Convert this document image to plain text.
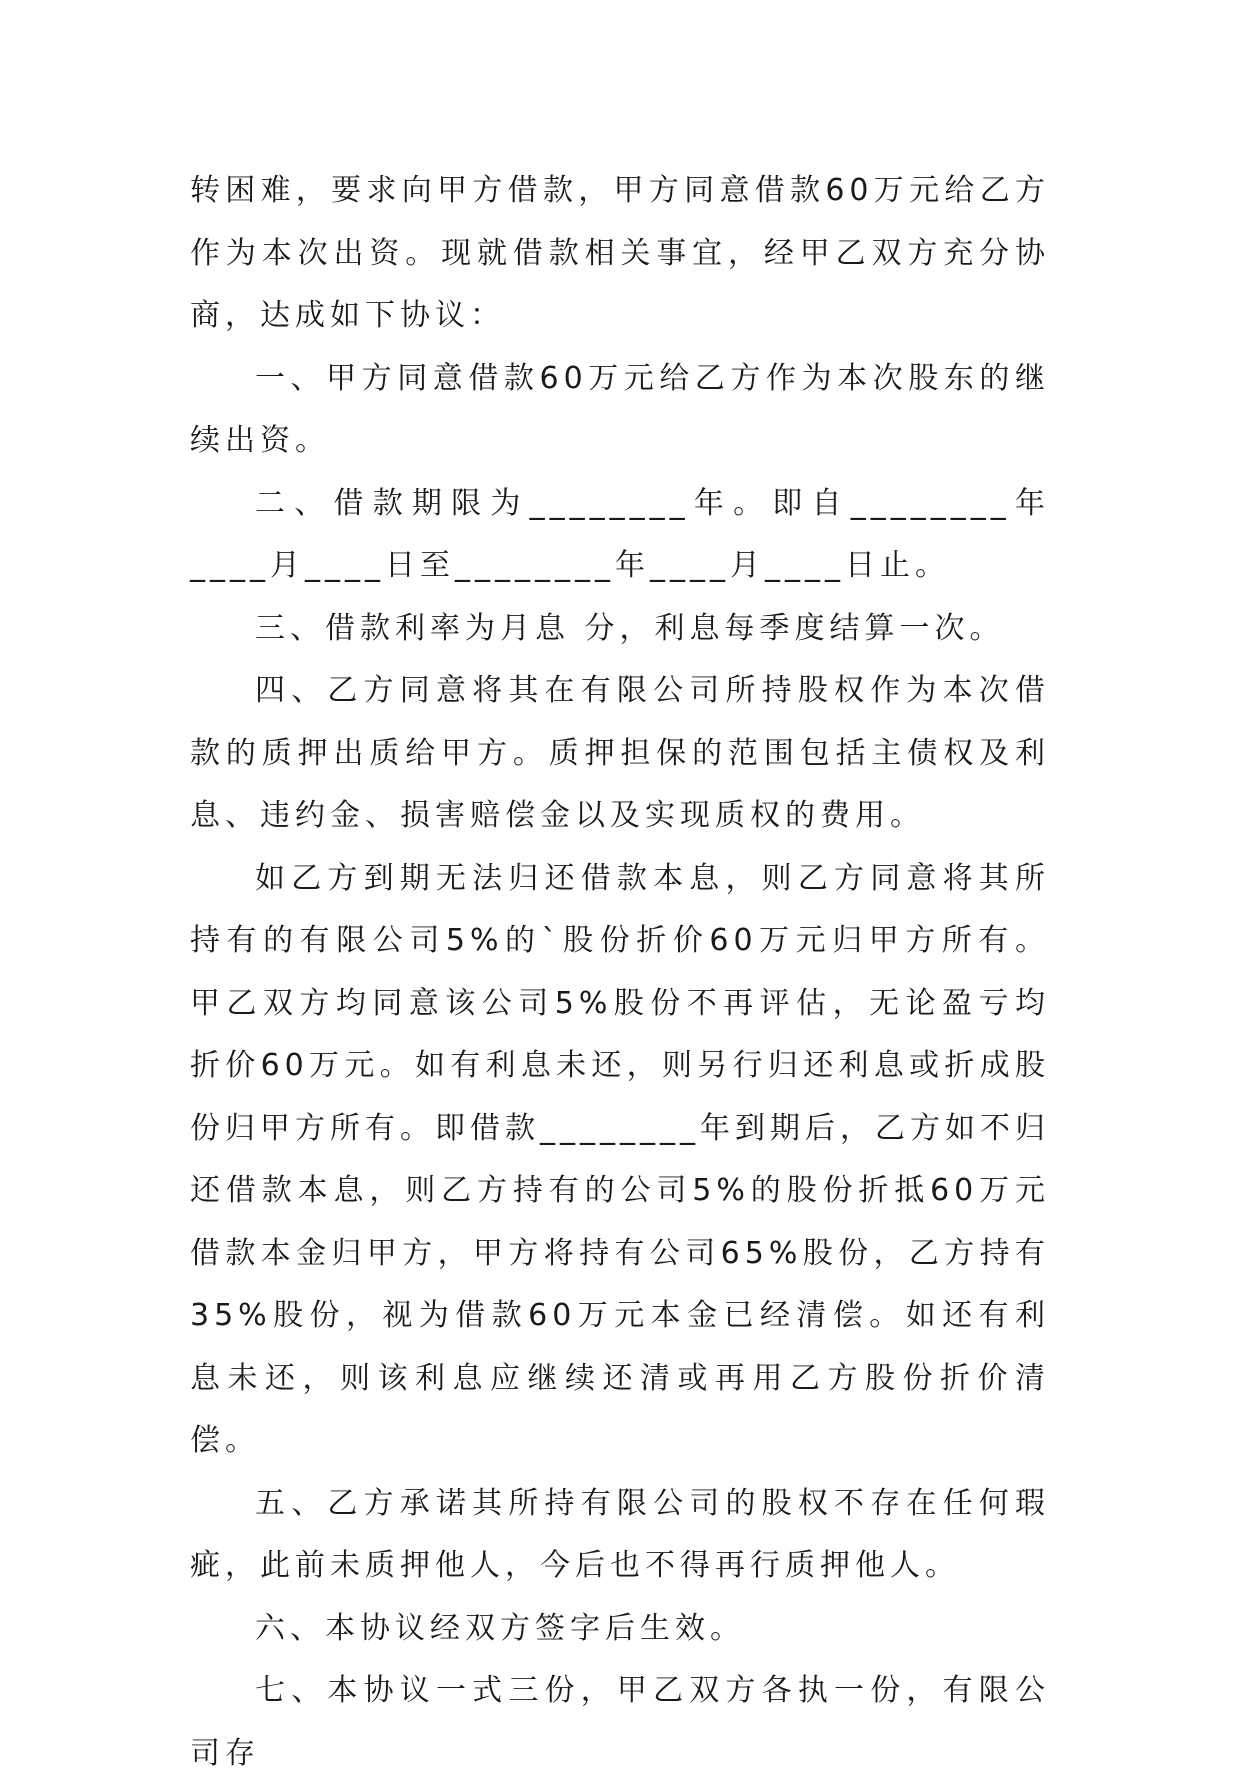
转困难，要求向甲方借款，甲方同意借款60万元给乙方作为本次出资。现就借款相关事宜，经甲乙双方充分协商，达成如下协议：

一、甲方同意借款60万元给乙方作为本次股东的继续出资。

二、借款期限为________年。即自________年____月____日至________年____月____日止。

三、借款利率为月息 分，利息每季度结算一次。

四、乙方同意将其在有限公司所持股权作为本次借款的质押出质给甲方。质押担保的范围包括主债权及利息、违约金、损害赔偿金以及实现质权的费用。

如乙方到期无法归还借款本息，则乙方同意将其所持有的有限公司5%的`股份折价60万元归甲方所有。甲乙双方均同意该公司5%股份不再评估，无论盈亏均折价60万元。如有利息未还，则另行归还利息或折成股份归甲方所有。即借款________年到期后，乙方如不归还借款本息，则乙方持有的公司5%的股份折抵60万元借款本金归甲方，甲方将持有公司65%股份，乙方持有35%股份，视为借款60万元本金已经清偿。如还有利息未还，则该利息应继续还清或再用乙方股份折价清偿。

五、乙方承诺其所持有限公司的股权不存在任何瑕疵，此前未质押他人，今后也不得再行质押他人。

六、本协议经双方签字后生效。

七、本协议一式三份，甲乙双方各执一份，有限公司存
